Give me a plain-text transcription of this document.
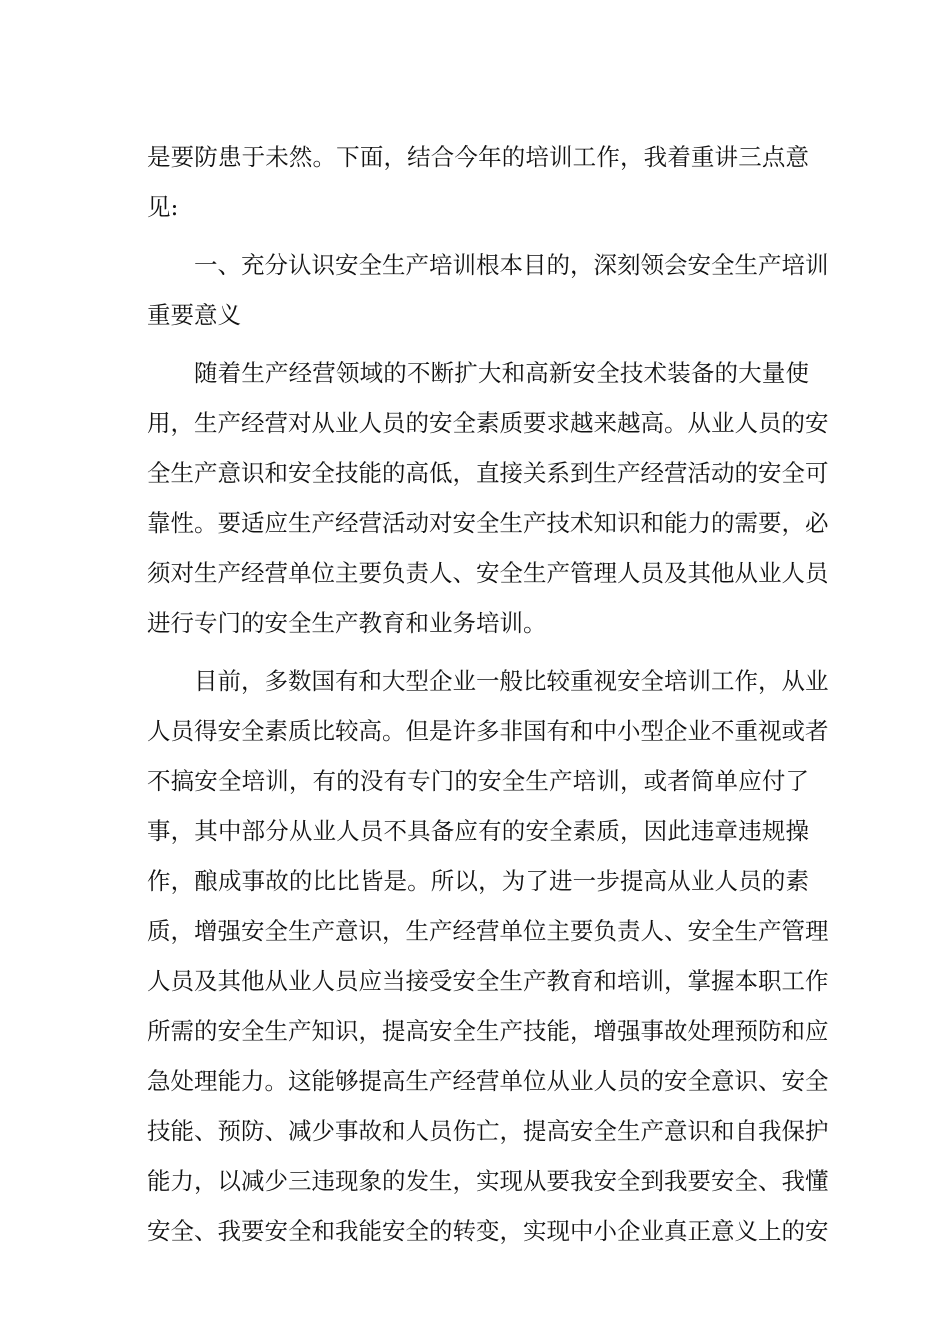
是要防患于未然。下面，结合今年的培训工作，我着重讲三点意
见:
一、充分认识安全生产培训根本目的，深刻领会安全生产培训
重要意义
随着生产经营领域的不断扩大和高新安全技术装备的大量使
用，生产经营对从业人员的安全素质要求越来越高。从业人员的安
全生产意识和安全技能的高低，直接关系到生产经营活动的安全可
靠性。要适应生产经营活动对安全生产技术知识和能力的需要，必
须对生产经营单位主要负责人、安全生产管理人员及其他从业人员
进行专门的安全生产教育和业务培训。
目前，多数国有和大型企业一般比较重视安全培训工作，从业
人员得安全素质比较高。但是许多非国有和中小型企业不重视或者
不搞安全培训，有的没有专门的安全生产培训，或者简单应付了
事，其中部分从业人员不具备应有的安全素质，因此违章违规操
作，酿成事故的比比皆是。所以，为了进一步提高从业人员的素
质，增强安全生产意识，生产经营单位主要负责人、安全生产管理
人员及其他从业人员应当接受安全生产教育和培训，掌握本职工作
所需的安全生产知识，提高安全生产技能，增强事故处理预防和应
急处理能力。这能够提高生产经营单位从业人员的安全意识、安全
技能、预防、减少事故和人员伤亡，提高安全生产意识和自我保护
能力，以减少三违现象的发生，实现从要我安全到我要安全、我懂
安全、我要安全和我能安全的转变，实现中小企业真正意义上的安
